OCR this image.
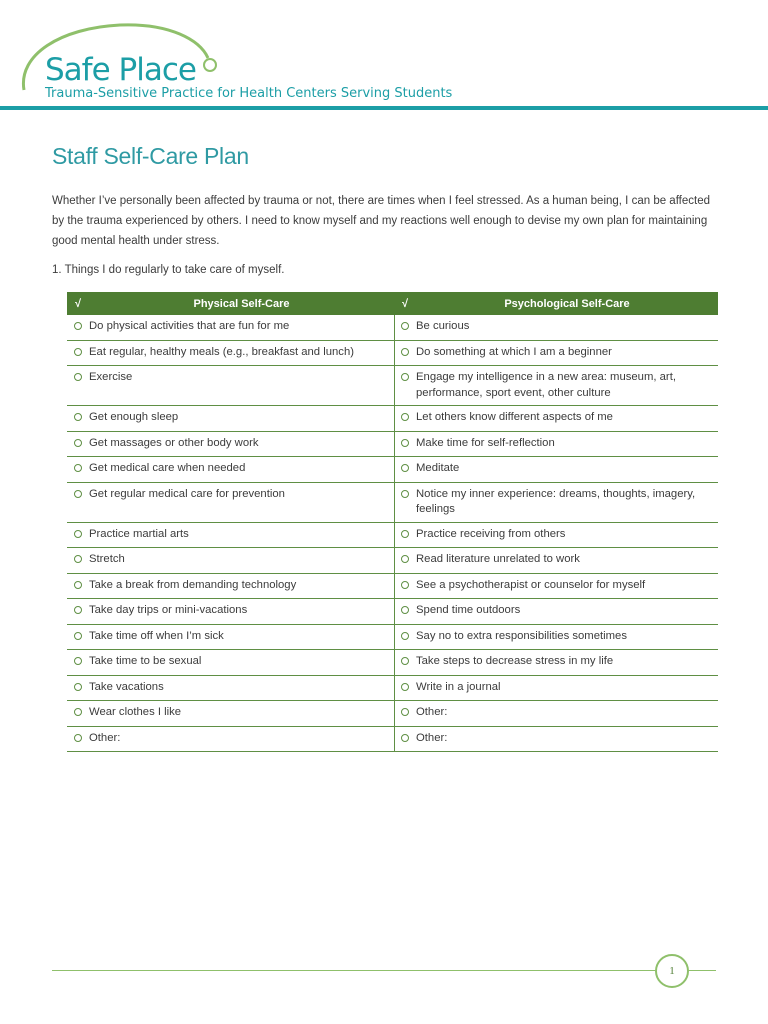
Safe Place
Trauma-Sensitive Practice for Health Centers Serving Students
Staff Self-Care Plan
Whether I’ve personally been affected by trauma or not, there are times when I feel stressed. As a human being, I can be affected by the trauma experienced by others. I need to know myself and my reactions well enough to devise my own plan for maintaining good mental health under stress.
1. Things I do regularly to take care of myself.
√	Physical Self-Care	√	Psychological Self-Care
	Do physical activities that are fun for me		Be curious
	Eat regular, healthy meals (e.g., breakfast and lunch)		Do something at which I am a beginner
	Exercise		Engage my intelligence in a new area: museum, art, performance, sport event, other culture
	Get enough sleep		Let others know different aspects of me
	Get massages or other body work		Make time for self-reflection
	Get medical care when needed		Meditate
	Get regular medical care for prevention		Notice my inner experience: dreams, thoughts, imagery, feelings
	Practice martial arts		Practice receiving from others
	Stretch		Read literature unrelated to work
	Take a break from demanding technology		See a psychotherapist or counselor for myself
	Take day trips or mini-vacations		Spend time outdoors
	Take time off when I’m sick		Say no to extra responsibilities sometimes
	Take time to be sexual		Take steps to decrease stress in my life
	Take vacations		Write in a journal
	Wear clothes I like		Other:
	Other:		Other:
1
